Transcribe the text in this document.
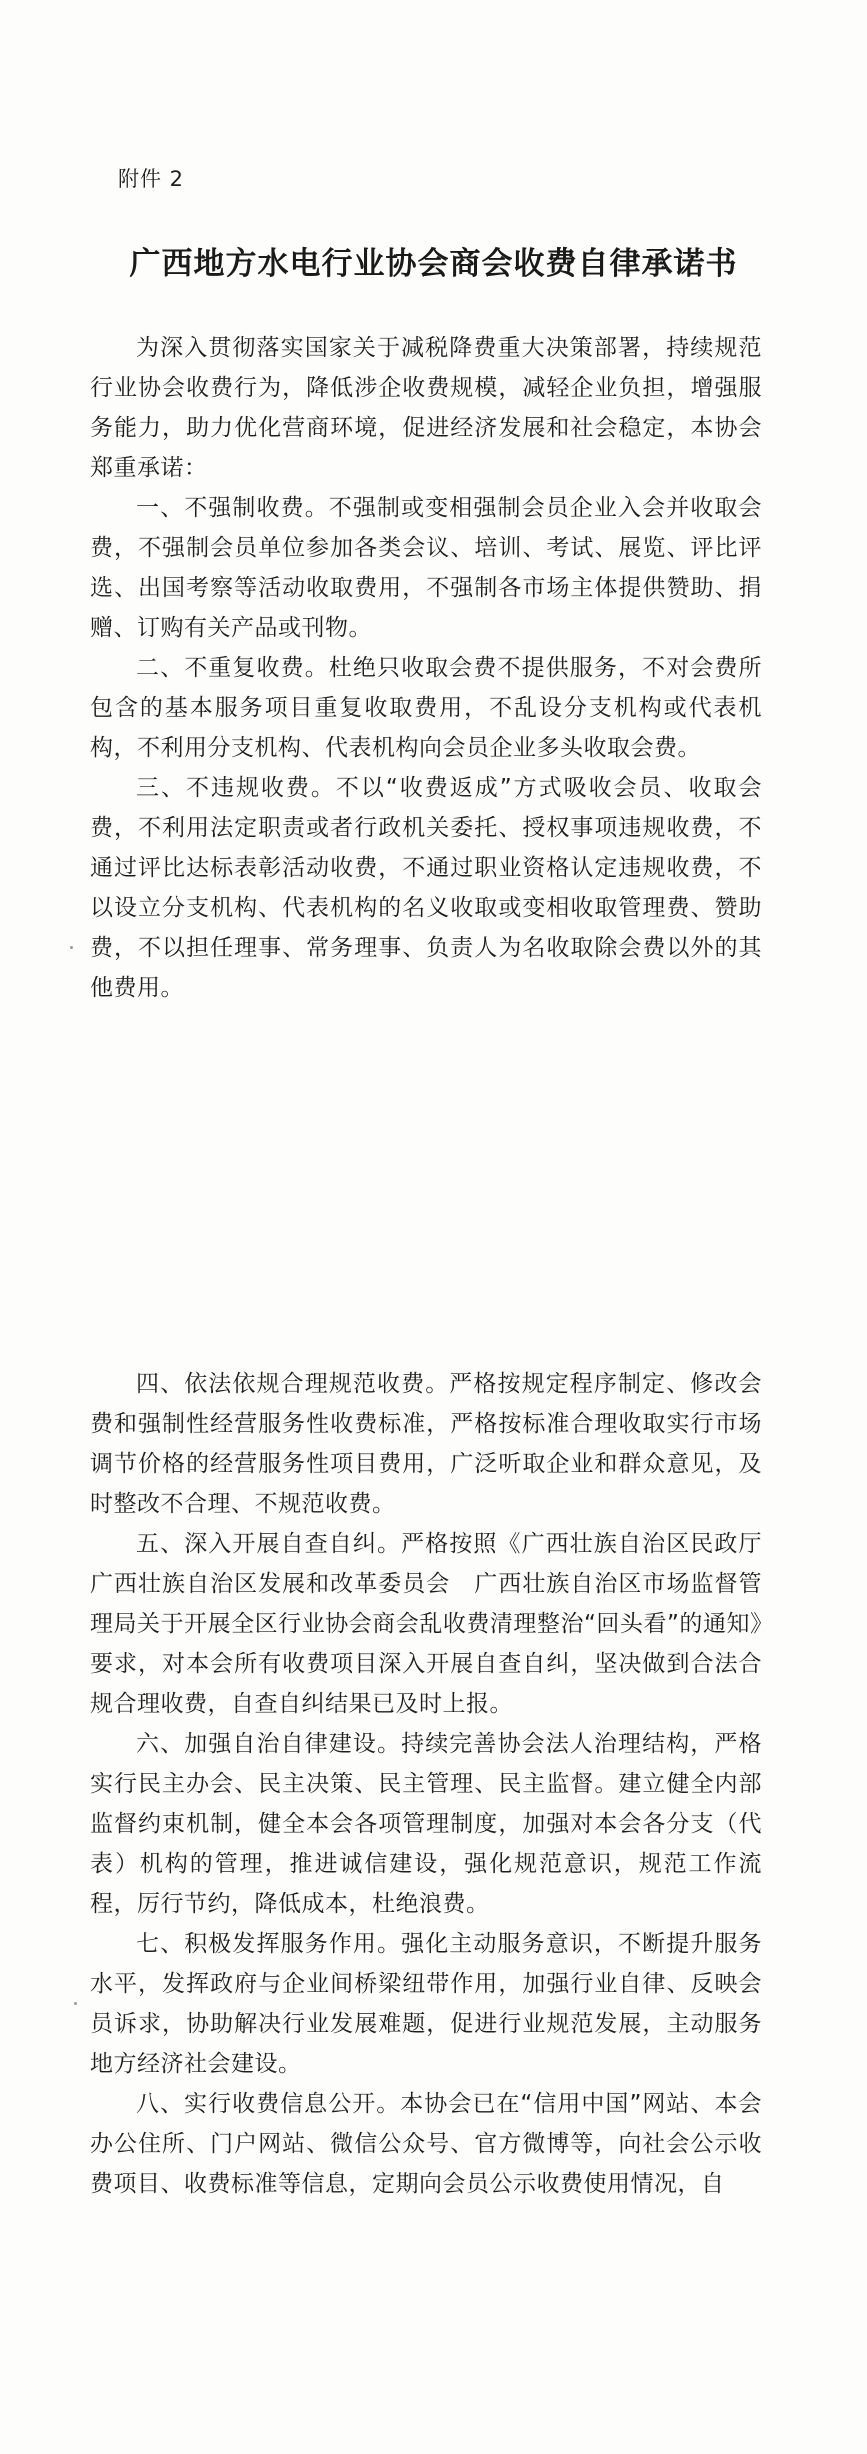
附件 2
广西地方水电行业协会商会收费自律承诺书

为深入贯彻落实国家关于减税降费重大决策部署，持续规范行业协会收费行为，降低涉企收费规模，减轻企业负担，增强服务能力，助力优化营商环境，促进经济发展和社会稳定，本协会郑重承诺：

一、不强制收费。不强制或变相强制会员企业入会并收取会费，不强制会员单位参加各类会议、培训、考试、展览、评比评选、出国考察等活动收取费用，不强制各市场主体提供赞助、捐赠、订购有关产品或刊物。

二、不重复收费。杜绝只收取会费不提供服务，不对会费所包含的基本服务项目重复收取费用，不乱设分支机构或代表机构，不利用分支机构、代表机构向会员企业多头收取会费。

三、不违规收费。不以“收费返成”方式吸收会员、收取会费，不利用法定职责或者行政机关委托、授权事项违规收费，不通过评比达标表彰活动收费，不通过职业资格认定违规收费，不以设立分支机构、代表机构的名义收取或变相收取管理费、赞助费，不以担任理事、常务理事、负责人为名收取除会费以外的其他费用。

四、依法依规合理规范收费。严格按规定程序制定、修改会费和强制性经营服务性收费标准，严格按标准合理收取实行市场调节价格的经营服务性项目费用，广泛听取企业和群众意见，及时整改不合理、不规范收费。

五、深入开展自查自纠。严格按照《广西壮族自治区民政厅 广西壮族自治区发展和改革委员会　广西壮族自治区市场监督管理局关于开展全区行业协会商会乱收费清理整治“回头看”的通知》要求，对本会所有收费项目深入开展自查自纠，坚决做到合法合规合理收费，自查自纠结果已及时上报。

六、加强自治自律建设。持续完善协会法人治理结构，严格实行民主办会、民主决策、民主管理、民主监督。建立健全内部监督约束机制，健全本会各项管理制度，加强对本会各分支（代表）机构的管理，推进诚信建设，强化规范意识，规范工作流程，厉行节约，降低成本，杜绝浪费。

七、积极发挥服务作用。强化主动服务意识，不断提升服务水平，发挥政府与企业间桥梁纽带作用，加强行业自律、反映会员诉求，协助解决行业发展难题，促进行业规范发展，主动服务地方经济社会建设。

八、实行收费信息公开。本协会已在“信用中国”网站、本会办公住所、门户网站、微信公众号、官方微博等，向社会公示收费项目、收费标准等信息，定期向会员公示收费使用情况，自
